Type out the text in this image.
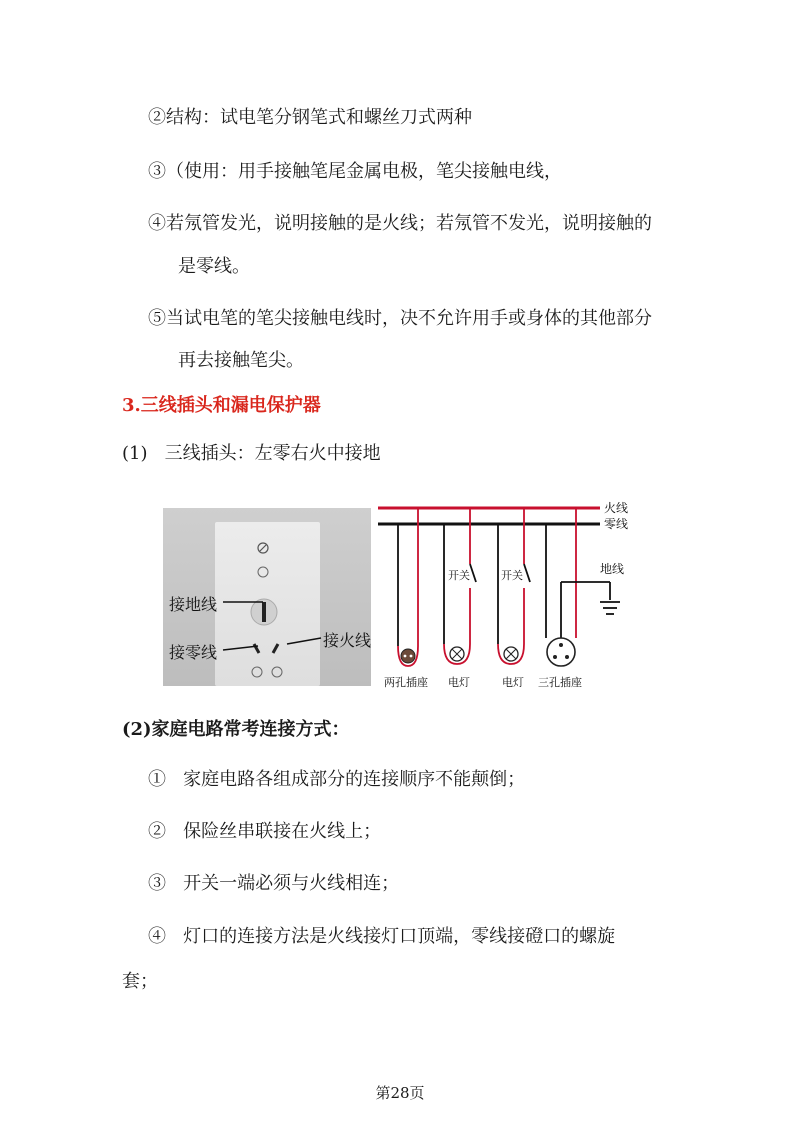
②结构：试电笔分钢笔式和螺丝刀式两种
③（使用：用手接触笔尾金属电极，笔尖接触电线，
④若氖管发光，说明接触的是火线；若氖管不发光，说明接触的
是零线。
⑤当试电笔的笔尖接触电线时，决不允许用手或身体的其他部分
再去接触笔尖。
3.三线插头和漏电保护器
(1)   三线插头：左零右火中接地
接地线
接零线
接火线
火线
零线
两孔插座
开关
电灯
开关
电灯
地线
三孔插座
(2)家庭电路常考连接方式：
①   家庭电路各组成部分的连接顺序不能颠倒；
②   保险丝串联接在火线上；
③   开关一端必须与火线相连；
④   灯口的连接方法是火线接灯口顶端，零线接磴口的螺旋
套；
第28页
